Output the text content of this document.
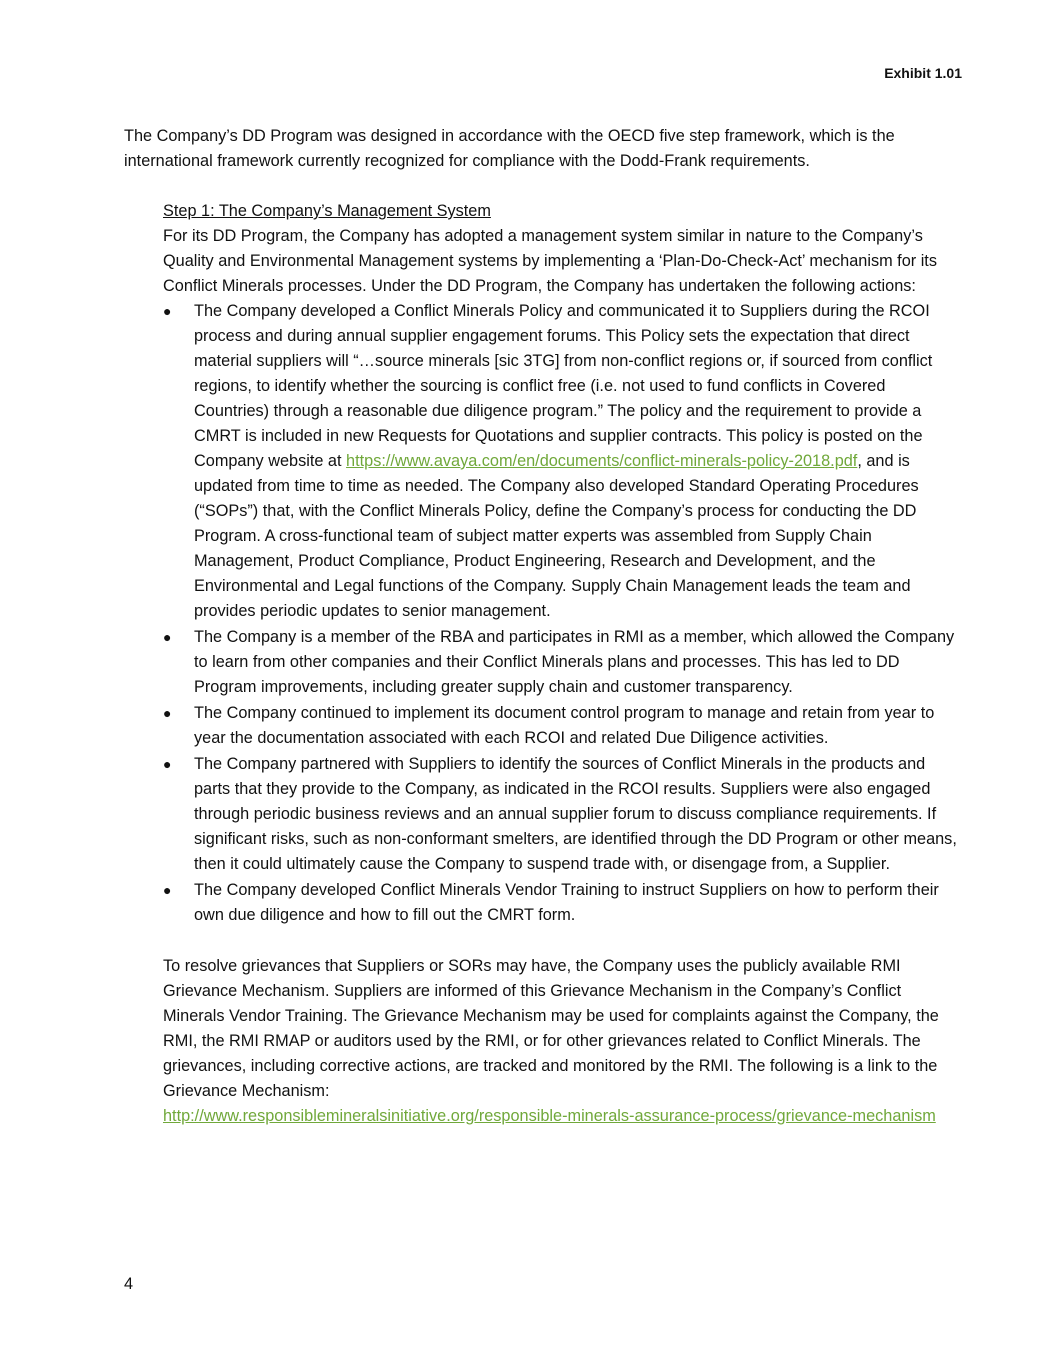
Exhibit 1.01

The Company’s DD Program was designed in accordance with the OECD five step framework, which is the international framework currently recognized for compliance with the Dodd-Frank requirements.

Step 1: The Company’s Management System

For its DD Program, the Company has adopted a management system similar in nature to the Company’s Quality and Environmental Management systems by implementing a ‘Plan-Do-Check-Act’ mechanism for its Conflict Minerals processes. Under the DD Program, the Company has undertaken the following actions:

●	The Company developed a Conflict Minerals Policy and communicated it to Suppliers during the RCOI process and during annual supplier engagement forums. This Policy sets the expectation that direct material suppliers will “…source minerals [sic 3TG] from non-conflict regions or, if sourced from conflict regions, to identify whether the sourcing is conflict free (i.e. not used to fund conflicts in Covered Countries) through a reasonable due diligence program.” The policy and the requirement to provide a CMRT is included in new Requests for Quotations and supplier contracts. This policy is posted on the Company website at https://www.avaya.com/en/documents/conflict-minerals-policy-2018.pdf, and is updated from time to time as needed. The Company also developed Standard Operating Procedures (“SOPs”) that, with the Conflict Minerals Policy, define the Company’s process for conducting the DD Program. A cross-functional team of subject matter experts was assembled from Supply Chain Management, Product Compliance, Product Engineering, Research and Development, and the Environmental and Legal functions of the Company. Supply Chain Management leads the team and provides periodic updates to senior management.
●	The Company is a member of the RBA and participates in RMI as a member, which allowed the Company to learn from other companies and their Conflict Minerals plans and processes. This has led to DD Program improvements, including greater supply chain and customer transparency.
●	The Company continued to implement its document control program to manage and retain from year to year the documentation associated with each RCOI and related Due Diligence activities.
●	The Company partnered with Suppliers to identify the sources of Conflict Minerals in the products and parts that they provide to the Company, as indicated in the RCOI results. Suppliers were also engaged through periodic business reviews and an annual supplier forum to discuss compliance requirements. If significant risks, such as non-conformant smelters, are identified through the DD Program or other means, then it could ultimately cause the Company to suspend trade with, or disengage from, a Supplier.
●	The Company developed Conflict Minerals Vendor Training to instruct Suppliers on how to perform their own due diligence and how to fill out the CMRT form.

To resolve grievances that Suppliers or SORs may have, the Company uses the publicly available RMI Grievance Mechanism. Suppliers are informed of this Grievance Mechanism in the Company’s Conflict Minerals Vendor Training. The Grievance Mechanism may be used for complaints against the Company, the RMI, the RMI RMAP or auditors used by the RMI, or for other grievances related to Conflict Minerals. The grievances, including corrective actions, are tracked and monitored by the RMI. The following is a link to the Grievance Mechanism:
http://www.responsiblemineralsinitiative.org/responsible-minerals-assurance-process/grievance-mechanism

4
